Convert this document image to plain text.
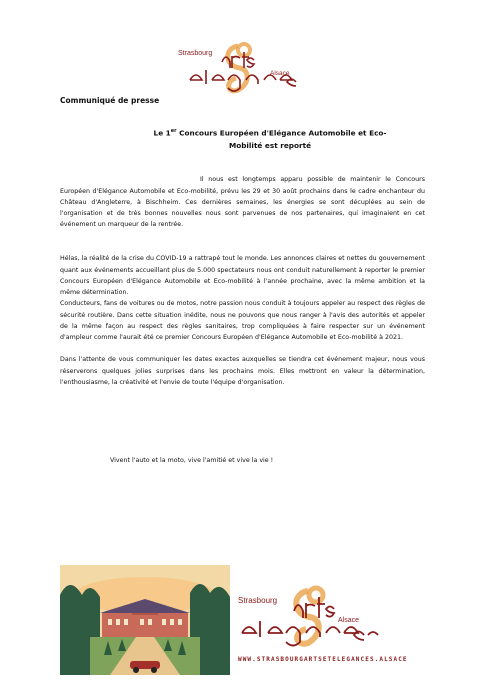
Strasbourg
Alsace
Communiqué de presse
Le 1er Concours Européen d'Elégance Automobile et Eco-
Mobilité est reporté

Il nous est longtemps apparu possible de maintenir le Concours Européen d'Elégance Automobile et Eco-mobilité, prévu les 29 et 30 août prochains dans le cadre enchanteur du Château d'Angleterre, à Bischheim. Ces dernières semaines, les énergies se sont décuplées au sein de l'organisation et de très bonnes nouvelles nous sont parvenues de nos partenaires, qui imaginaient en cet événement un marqueur de la rentrée.

Hélas, la réalité de la crise du COVID-19 a rattrapé tout le monde. Les annonces claires et nettes du gouvernement quant aux événements accueillant plus de 5.000 spectateurs nous ont conduit naturellement à reporter le premier Concours Européen d'Elégance Automobile et Eco-mobilité à l'année prochaine, avec la même ambition et la même détermination.

Dans l'attente de vous communiquer les dates exactes auxquelles se tiendra cet événement majeur, nous vous réserverons quelques jolies surprises dans les prochains mois. Elles mettront en valeur la détermination, l'enthousiasme, la créativité et l'envie de toute l'équipe d'organisation.

Vivent l'auto et la moto, vive l'amitié et vive la vie !

Conducteurs, fans de voitures ou de motos, notre passion nous conduit à toujours appeler au respect des règles de sécurité routière. Dans cette situation inédite, nous ne pouvons que nous ranger à l'avis des autorités et appeler de la même façon au respect des règles sanitaires, trop compliquées à faire respecter sur un événement d'ampleur comme l'aurait été ce premier Concours Européen d'Elégance Automobile et Eco-mobilité à 2021.

Strasbourg
Alsace
WWW.STRASBOURGARTSETELEGANCES.ALSACE
